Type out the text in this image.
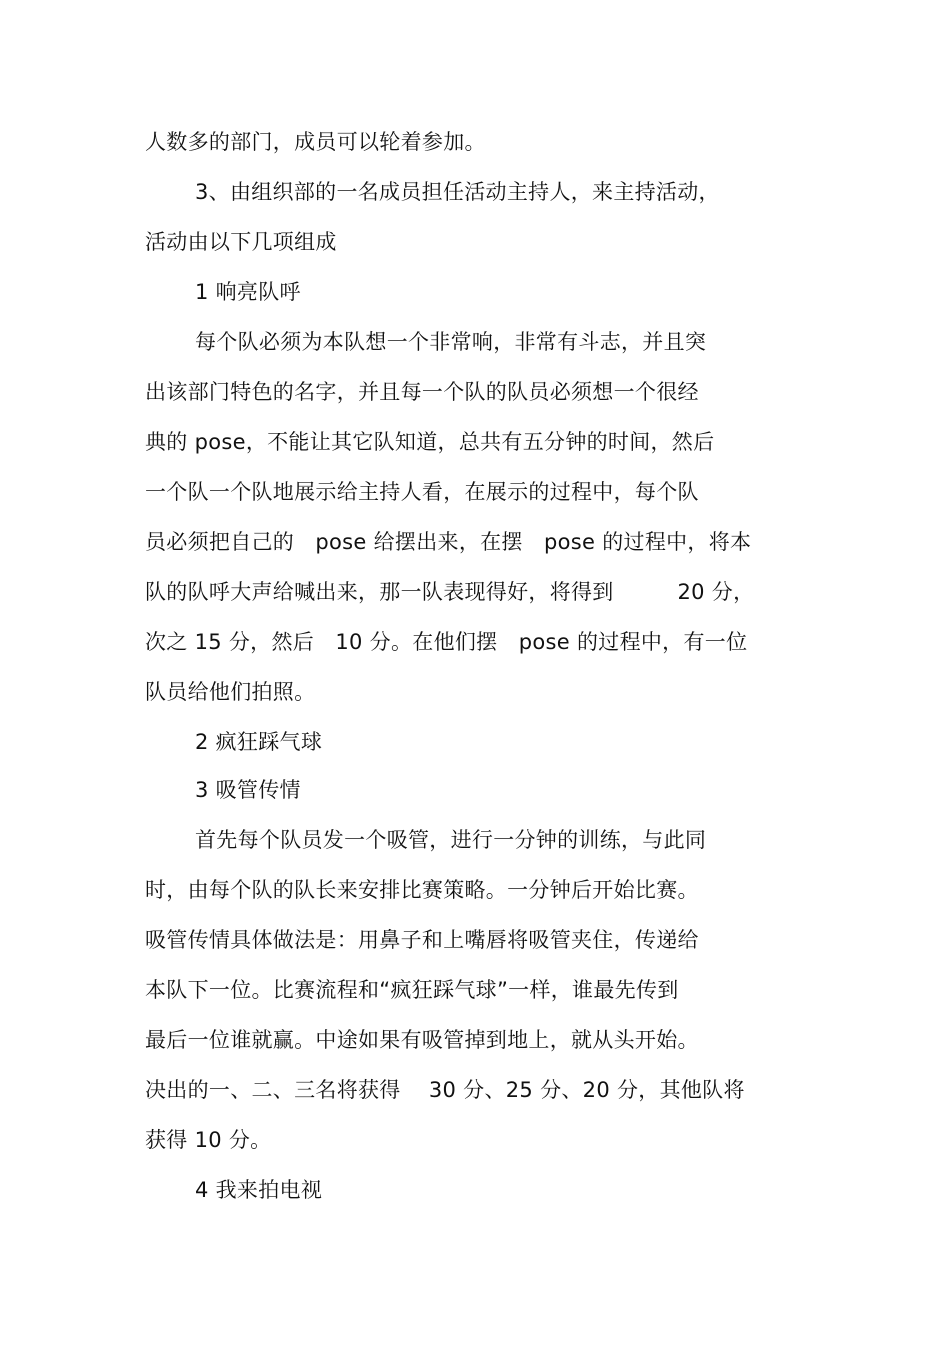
人数多的部门，成员可以轮着参加。
3、由组织部的一名成员担任活动主持人，来主持活动，
活动由以下几项组成
1 响亮队呼
每个队必须为本队想一个非常响，非常有斗志，并且突
出该部门特色的名字，并且每一个队的队员必须想一个很经
典的 pose，不能让其它队知道，总共有五分钟的时间，然后
一个队一个队地展示给主持人看，在展示的过程中，每个队
员必须把自己的　pose 给摆出来，在摆　pose 的过程中，将本
队的队呼大声给喊出来，那一队表现得好，将得到　　　20 分，
次之 15 分，然后　10 分。在他们摆　pose 的过程中，有一位
队员给他们拍照。
2 疯狂踩气球
3 吸管传情
首先每个队员发一个吸管，进行一分钟的训练，与此同
时，由每个队的队长来安排比赛策略。一分钟后开始比赛。
吸管传情具体做法是：用鼻子和上嘴唇将吸管夹住，传递给
本队下一位。比赛流程和“疯狂踩气球”一样，谁最先传到
最后一位谁就赢。中途如果有吸管掉到地上，就从头开始。
决出的一、二、三名将获得　 30 分、25 分、20 分，其他队将
获得 10 分。
4 我来拍电视
